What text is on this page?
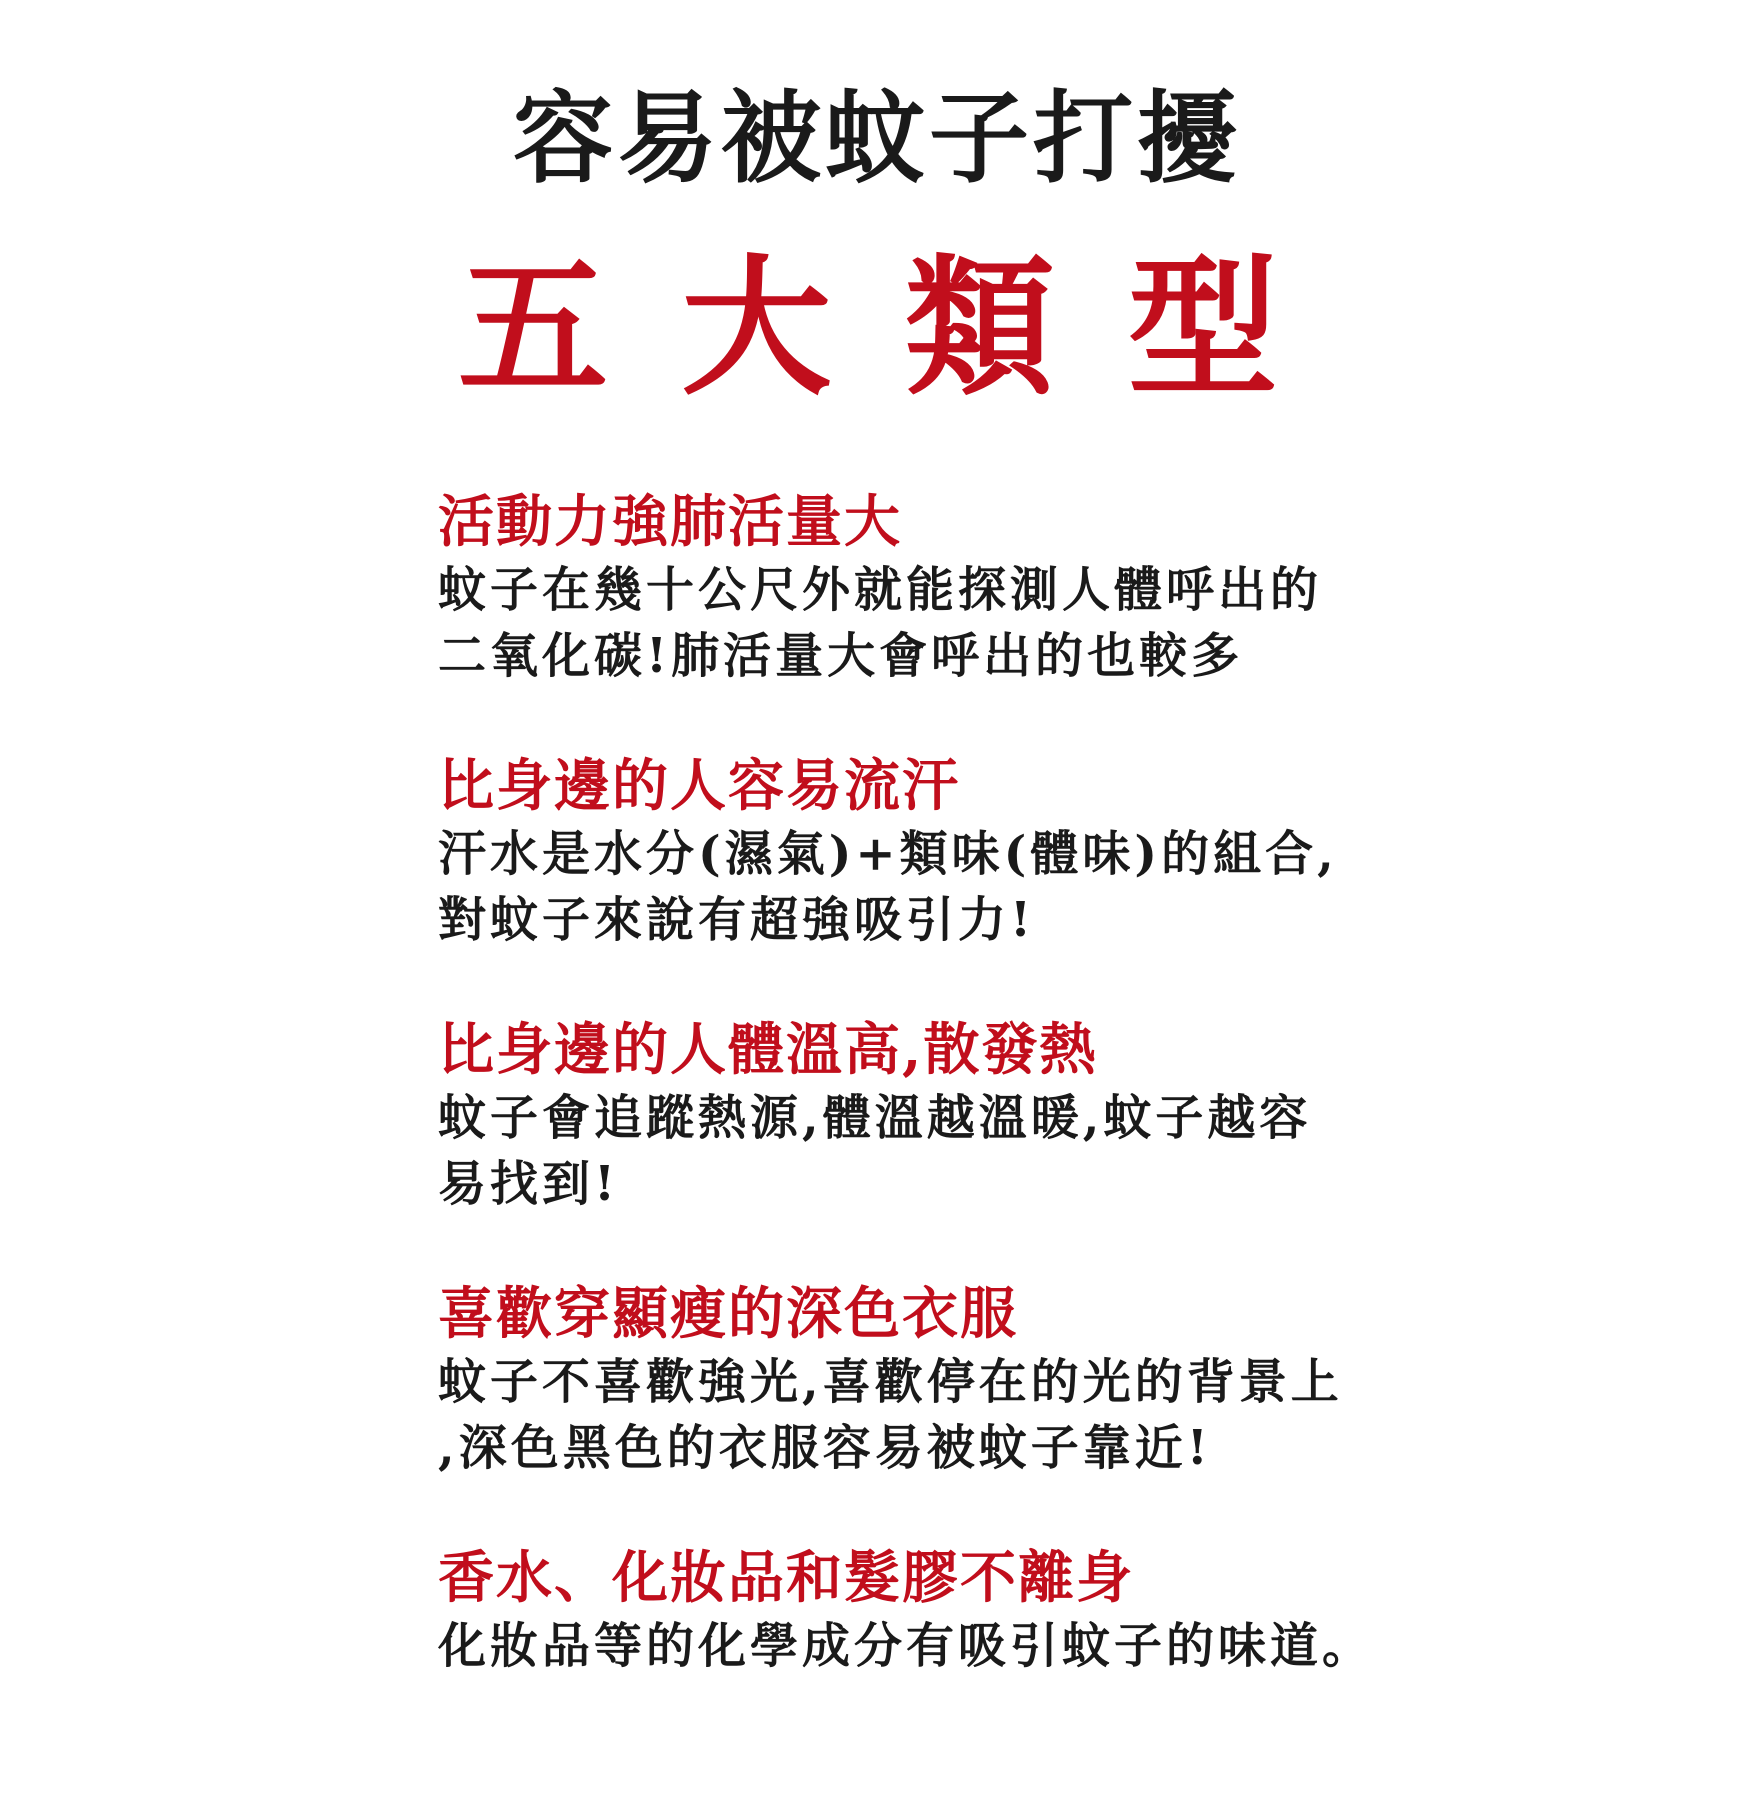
容易被蚊子打擾
五 大 類 型
活動力強肺活量大
蚊子在幾十公尺外就能探測人體呼出的
二氧化碳!肺活量大會呼出的也較多
比身邊的人容易流汗
汗水是水分(濕氣)+類味(體味)的組合,
對蚊子來說有超強吸引力!
比身邊的人體溫高,散發熱
蚊子會追蹤熱源,體溫越溫暖,蚊子越容
易找到!
喜歡穿顯瘦的深色衣服
蚊子不喜歡強光,喜歡停在的光的背景上
,深色黑色的衣服容易被蚊子靠近!
香水、化妝品和髮膠不離身
化妝品等的化學成分有吸引蚊子的味道。
